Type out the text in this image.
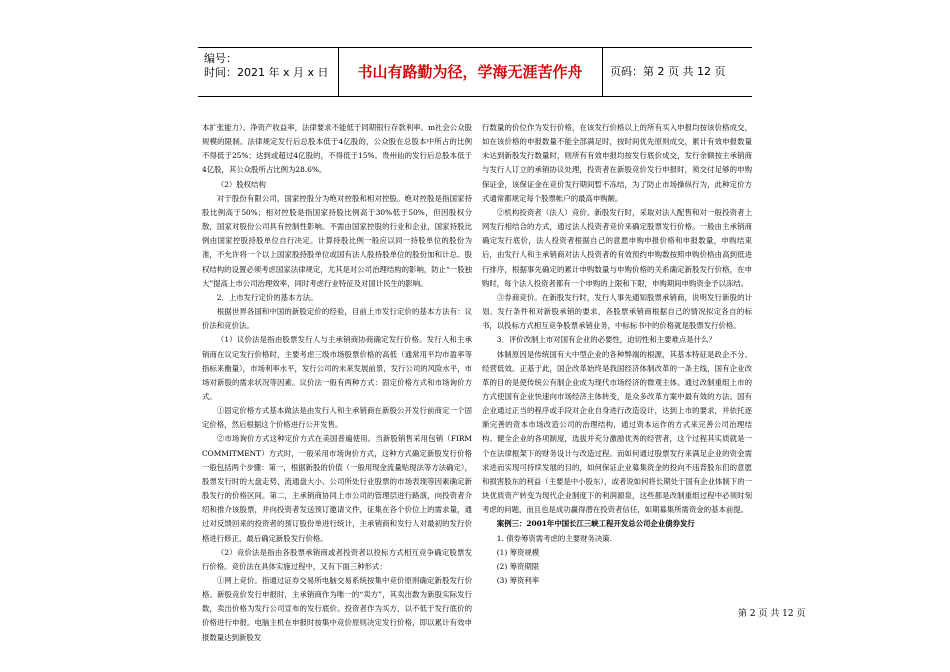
编号：
时间：2021 年 x 月 x 日	书山有路勤为径，学海无涯苦作舟	页码：第 2 页 共 12 页

本扩张能力）、净资产收益率，法律要求不能低于同期银行存款利率。m社会公众股规模的限制。法律规定发行后总股本低于4亿股的，公众股在总股本中所占的比例不得低于25%；达到或超过4亿股的，不得低于15%。贵州仙的发行后总股本低于4亿股，其公众股所占比例为28.6%。

（2）股权结构

对于股份有限公司，国家控股分为绝对控股和相对控股。绝对控股是指国家持股比例高于50%；相对控股是指国家持股比例高于30%低于50%，但因股权分散，国家对股份公司具有控制性影响。不需由国家控股的行业和企业，国家持股比例由国家控股持股单位自行决定。计算持股比例一般应以同一持股单位的股份为准，不允许将一个以上国家股持股单位或国有法人股持股单位的股份加和计总。股权结构的设置必须考虑国家法律规定，尤其是对公司治理结构的影响，防止“一股独大”提高上市公司治理效率，同时考虑行业特征及对国计民生的影响。

2．上市发行定价的基本方法。

根据世界各国和中国的新股定价的经验，目前上市发行定价的基本方法有：议价法和竞价法。

（1）议价法是指由股票发行人与主承销商协商确定发行价格。发行人和主承销商在议定发行价格时，主要考虑三级市场股票价格的高低（通常用平均市盈率等指标来衡量），市场利率水平，发行公司的未来发展前景，发行公司的风险水平，市场对新股的需求状况等因素。议价法一般有两种方式：固定价格方式和市场询价方式。

①固定价格方式基本做法是由发行人和主承销商在新股公开发行前商定一个固定价格，然后根据这个价格进行公开发售。

②市场询价方式这种定价方式在美国普遍使用。当新股销售采用包销（FIRM COMMITMENT）方式时，一般采用市场询价方式，这种方式确定新股发行价格一般包括两个步骤：第一，根据新股的价值（一般用现金流量贴现法等方法确定），股票发行时的大盘走势、流通盘大小、公司所处行业股票的市场表现等因素确定新股发行的价格区间。第二，主承销商协同上市公司的管理层进行路演，向投资者介绍和推介该股票，并向投资者发送预订邀请文件，征集在各个价位上的需求量，通过对反馈回来的投资者的预订股份单进行统计，主承销商和发行人对最初的发行价格进行修正，最后确定新股发行价格。

（2）竞价法是指由各股票承销商或者投资者以投标方式相互竞争确定股票发行价格。竞价法在具体实施过程中，又有下面三种形式：

①网上竞价。指通过证券交易所电脑交易系统按集中竞价原则确定新股发行价格。新股竞价发行申报时，主承销商作为唯一的“卖方”，其卖出数为新股实际发行数，卖出价格为发行公司宣布的发行底价。投资者作为买方，以不低于发行底价的价格进行申报。电脑主机在申报时按集中竞价原则决定发行价格，即以累计有效申报数量达到新股发

行数量的价位作为发行价格，在该发行价格以上的所有买入申报均按该价格成交，如在该价格的申报数量不能全部满足时，按时间优先原则成交，累计有效申报数量未达到新股发行数量时，则所有有效申报均按发行底价成交，发行余额按主承销商与发行人订立的承销协议处理，投资者在新股竞价发行申报时，须交付足够的申购保证金，该保证金在竞价发行期间暂不冻结，为了防止市场操纵行为，此种定价方式通常都规定每个股票帐户的最高申购额。

②机构投资者（法人）竞价。新股发行时，采取对法人配售和对一般投资者上网发行相结合的方式，通过法人投资者竞价来确定股票发行价格。一般由主承销商确定发行底价，法人投资者根据自己的意愿申购申报价格和申报数量，申购结束后，由发行人和主承销商对法人投资者的有效预约申购数按照申购价格由高到低进行排序，根据事先确定的累计申购数量与申购价格的关系确定新股发行价格，在申购时，每个法人投资者都有一个申购的上限和下限，申购期间申购资金予以冻结。

③券商竞价。在新股发行时，发行人事先通知股票承销商，说明发行新股的计划、发行条件和对新股承销的要求，各股票承销商根据自己的情况拟定各自的标书，以投标方式相互竞争股票承销业务，中标标书中的价格就是股票发行价格。

3．评价改制上市对国有企业的必要性，迫切性和主要难点是什么？

体制原因是传统国有大中型企业的各种弊端的根源，其基本特征是政企不分、经营低效。正基于此，国企改革始终是我国经济体制改革的一条主线，国有企业改革的目的是使传统公有制企业成为现代市场经济的微观主体。通过改制重组上市的方式使国有企业快速向市场经济主体转变，是众多改革方案中最有效的方法。国有企业通过正当的程序或手段对企业自身进行改造设计，达到上市的要求，并依托逐渐完善的资本市场改造公司的治理结构，通过资本运作的方式来完善公司治理结构、健全企业的各项制度，选拔并充分激励优秀的经营者，这个过程其实质就是一个在法律框架下的财务设计与改造过程。而如何通过股票发行来满足企业的资金需求进而实现可持续发展的目的，如何保证企业募集资金的投向不违背股东们的意愿和损害股东的利益（主要是中小股东），或者说如何将长期处于国有企业体制下的一块优质资产转变为现代企业制度下的利润源泉，这些都是改制重组过程中必须时刻考虑的问题，而且也是成功赢得潜在投资者信任，如期募集所需资金的基本前提。

案例三：2001年中国长江三峡工程开发总公司企业债券发行

1. 债券筹资需考虑的主要财务决策.

(1) 筹资规模

(2) 筹资期限

(3) 筹资利率

第 2 页 共 12 页
